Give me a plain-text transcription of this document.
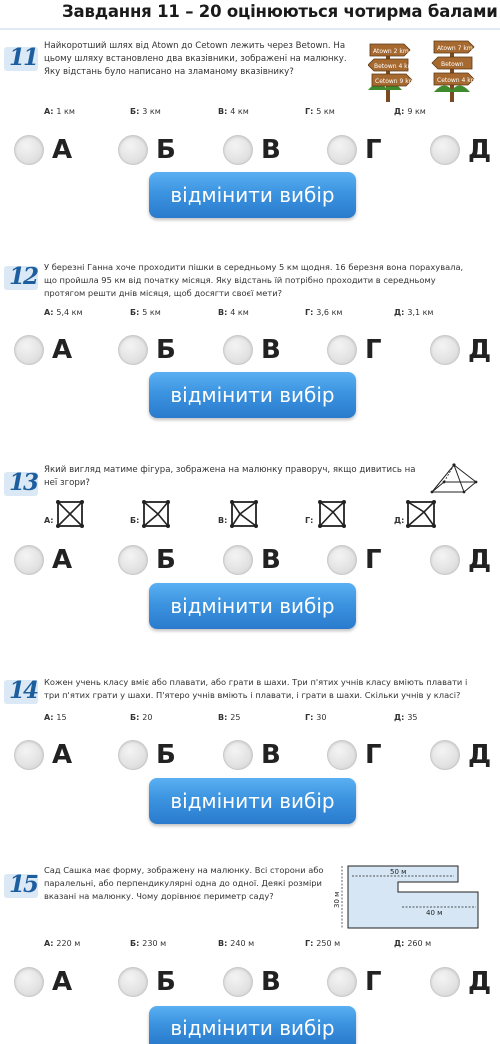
Завдання 11 – 20 оцінюються чотирма балами
11 Найкоротший шлях від Atown до Cetown лежить через Betown. На
цьому шляху встановлено два вказівники, зображені на малюнку.
Яку відстань було написано на зламаному вказівнику?
Atown 2 km
Betown 4 km
Cetown 9 km
Atown 7 km
Betown
Cetown 4 km
А: 1 км	Б: 3 км	В: 4 км	Г: 5 км	Д: 9 км
А	Б	В	Г	Д
відмінити вибір
12 У березні Ганна хоче проходити пішки в середньому 5 км щодня. 16 березня вона порахувала,
що пройшла 95 км від початку місяця. Яку відстань їй потрібно проходити в середньому
протягом решти днів місяця, щоб досягти своєї мети?
А: 5,4 км	Б: 5 км	В: 4 км	Г: 3,6 км	Д: 3,1 км
А	Б	В	Г	Д
відмінити вибір
13 Який вигляд матиме фігура, зображена на малюнку праворуч, якщо дивитись на
неї згори?
А:	Б:	В:	Г:	Д:
А	Б	В	Г	Д
відмінити вибір
14 Кожен учень класу вміє або плавати, або грати в шахи. Три п'ятих учнів класу вміють плавати і
три п'ятих грати у шахи. П'ятеро учнів вміють і плавати, і грати в шахи. Скільки учнів у класі?
А: 15	Б: 20	В: 25	Г: 30	Д: 35
А	Б	В	Г	Д
відмінити вибір
15
Сад Сашка має форму, зображену на малюнку. Всі сторони або
паралельні, або перпендикулярні одна до одної. Деякі розміри
вказані на малюнку. Чому дорівнює периметр саду?
50 м
40 м
30 м
А: 220 м	Б: 230 м	В: 240 м	Г: 250 м	Д: 260 м
А	Б	В	Г	Д
відмінити вибір
